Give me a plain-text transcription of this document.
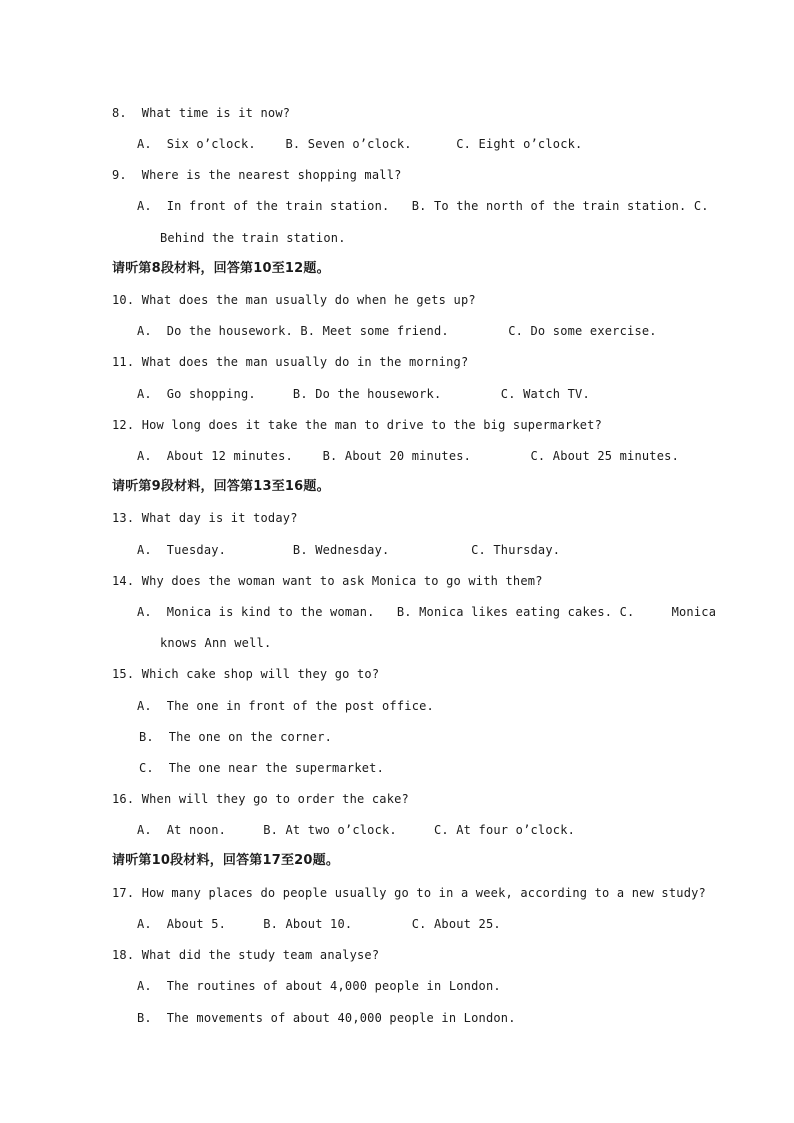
8.  What time is it now?
A.  Six o’clock.    B. Seven o’clock.      C. Eight o’clock.
9.  Where is the nearest shopping mall?
A.  In front of the train station.   B. To the north of the train station. C.
Behind the train station.
请听第8段材料，回答第10至12题。
10. What does the man usually do when he gets up?
A.  Do the housework. B. Meet some friend.        C. Do some exercise.
11. What does the man usually do in the morning?
A.  Go shopping.     B. Do the housework.        C. Watch TV.
12. How long does it take the man to drive to the big supermarket?
A.  About 12 minutes.    B. About 20 minutes.        C. About 25 minutes.
请听第9段材料，回答第13至16题。
13. What day is it today?
A.  Tuesday.         B. Wednesday.           C. Thursday.
14. Why does the woman want to ask Monica to go with them?
A.  Monica is kind to the woman.   B. Monica likes eating cakes. C.     Monica
knows Ann well.
15. Which cake shop will they go to?
A.  The one in front of the post office.
B.  The one on the corner.
C.  The one near the supermarket.
16. When will they go to order the cake?
A.  At noon.     B. At two o’clock.     C. At four o’clock.
请听第10段材料，回答第17至20题。
17. How many places do people usually go to in a week, according to a new study?
A.  About 5.     B. About 10.        C. About 25.
18. What did the study team analyse?
A.  The routines of about 4,000 people in London.
B.  The movements of about 40,000 people in London.
